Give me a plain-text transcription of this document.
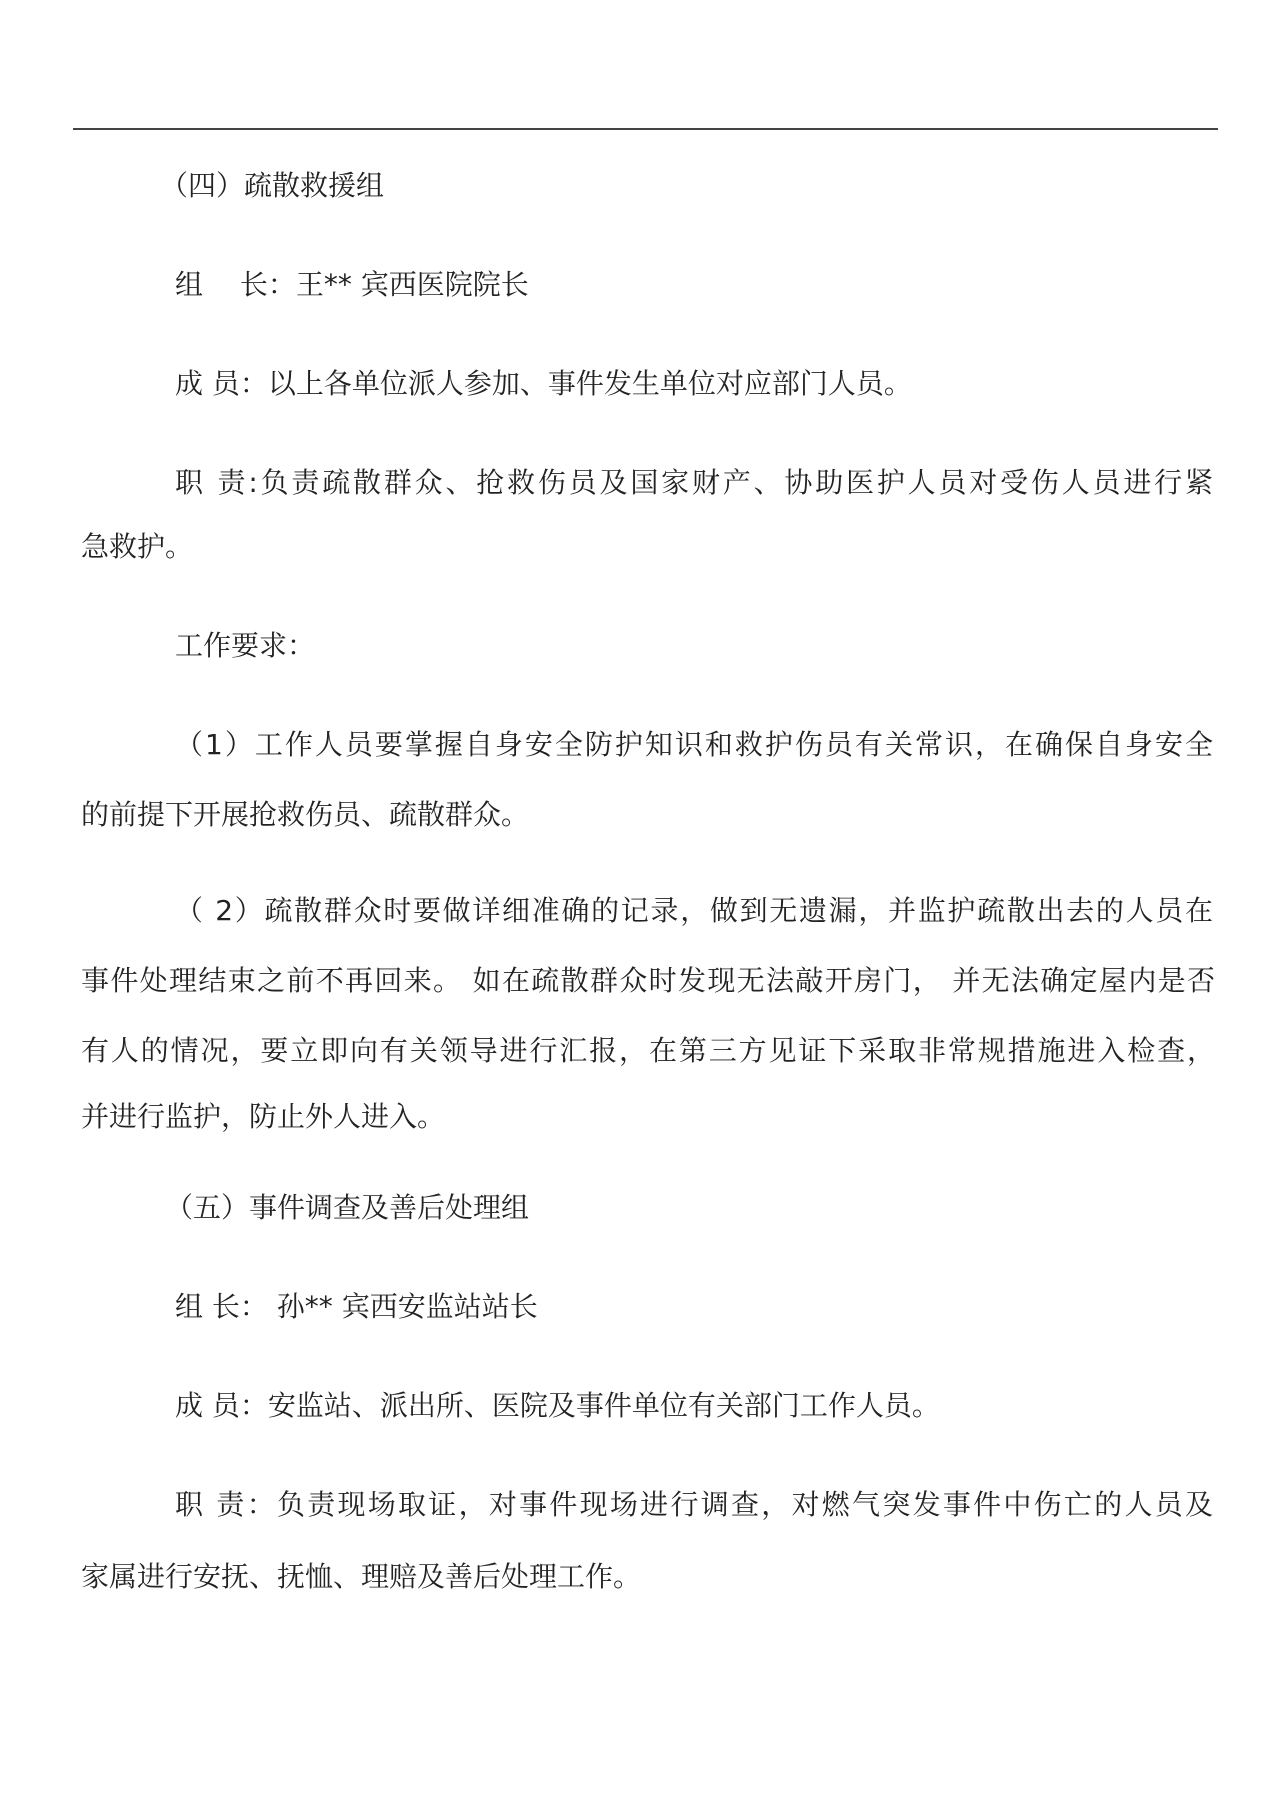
（四）疏散救援组
组　 长：王** 宾西医院院长
成 员：以上各单位派人参加、事件发生单位对应部门人员。
职 责:负责疏散群众、抢救伤员及国家财产、协助医护人员对受伤人员进行紧
急救护。
工作要求：
（1）工作人员要掌握自身安全防护知识和救护伤员有关常识，在确保自身安全
的前提下开展抢救伤员、疏散群众。
（ 2）疏散群众时要做详细准确的记录，做到无遗漏，并监护疏散出去的人员在
事件处理结束之前不再回来。 如在疏散群众时发现无法敲开房门， 并无法确定屋内是否
有人的情况，要立即向有关领导进行汇报，在第三方见证下采取非常规措施进入检查，
并进行监护，防止外人进入。
（五）事件调查及善后处理组
组 长： 孙** 宾西安监站站长
成 员：安监站、派出所、医院及事件单位有关部门工作人员。
职 责：负责现场取证，对事件现场进行调查，对燃气突发事件中伤亡的人员及
家属进行安抚、抚恤、理赔及善后处理工作。
